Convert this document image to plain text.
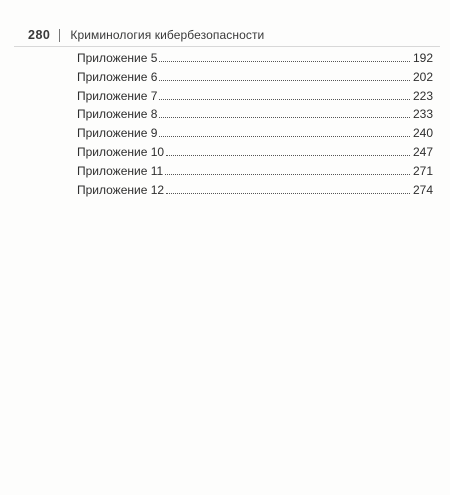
280 Криминология кибербезопасности
Приложение 5	192
Приложение 6	202
Приложение 7	223
Приложение 8	233
Приложение 9	240
Приложение 10	247
Приложение 11	271
Приложение 12	274
